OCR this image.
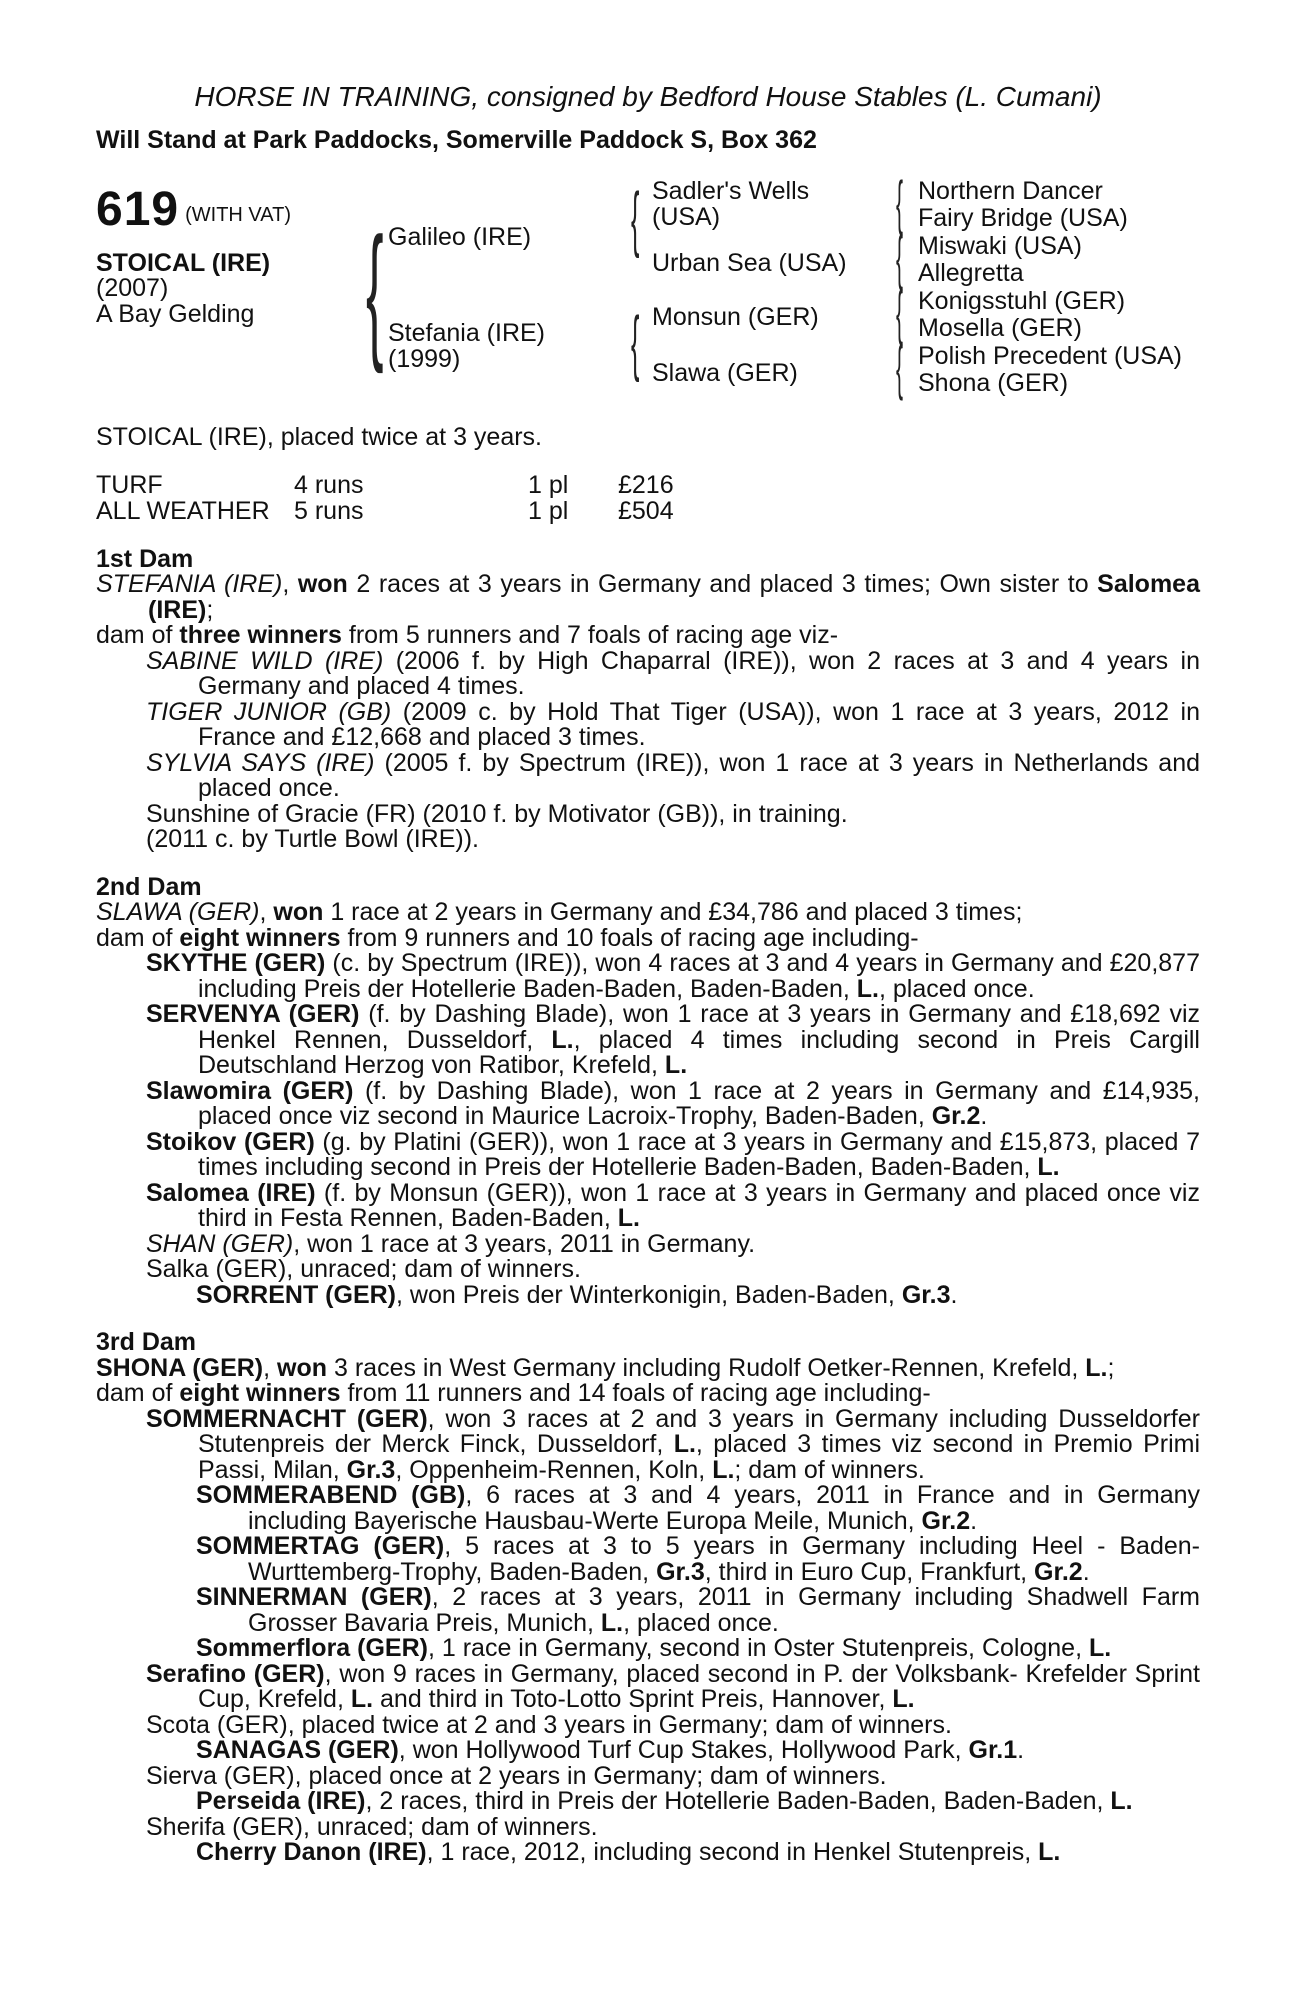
HORSE IN TRAINING, consigned by Bedford House Stables (L. Cumani)
Will Stand at Park Paddocks, Somerville Paddock S, Box 362
619 (WITH VAT)
STOICAL (IRE)
(2007)
A Bay Gelding { Galileo (IRE)
Stefania (IRE)
(1999)
{ Sadler's Wells
(USA)
Urban Sea (USA)
{ Monsun (GER)
Slawa (GER)
{ Northern Dancer
Fairy Bridge (USA)
{ Miswaki (USA)
Allegretta
{ Konigsstuhl (GER)
Mosella (GER)
{ Polish Precedent (USA)
Shona (GER)
STOICAL (IRE), placed twice at 3 years.
TURF	4 runs	1 pl £216
ALL WEATHER 5 runs	1 pl £504
1st Dam

STEFANIA (IRE), won 2 races at 3 years in Germany and placed 3 times; Own sister to Salomea (IRE);

dam of three winners from 5 runners and 7 foals of racing age viz-

SABINE WILD (IRE) (2006 f. by High Chaparral (IRE)), won 2 races at 3 and 4 years in Germany and placed 4 times.

TIGER JUNIOR (GB) (2009 c. by Hold That Tiger (USA)), won 1 race at 3 years, 2012 in France and £12,668 and placed 3 times.

SYLVIA SAYS (IRE) (2005 f. by Spectrum (IRE)), won 1 race at 3 years in Netherlands and placed once.

Sunshine of Gracie (FR) (2010 f. by Motivator (GB)), in training.

(2011 c. by Turtle Bowl (IRE)).

2nd Dam

SLAWA (GER), won 1 race at 2 years in Germany and £34,786 and placed 3 times;

dam of eight winners from 9 runners and 10 foals of racing age including-

SKYTHE (GER) (c. by Spectrum (IRE)), won 4 races at 3 and 4 years in Germany and £20,877 including Preis der Hotellerie Baden-Baden, Baden-Baden, L., placed once.

SERVENYA (GER) (f. by Dashing Blade), won 1 race at 3 years in Germany and £18,692 viz Henkel Rennen, Dusseldorf, L., placed 4 times including second in Preis Cargill Deutschland Herzog von Ratibor, Krefeld, L.

Slawomira (GER) (f. by Dashing Blade), won 1 race at 2 years in Germany and £14,935, placed once viz second in Maurice Lacroix-Trophy, Baden-Baden, Gr.2.

Stoikov (GER) (g. by Platini (GER)), won 1 race at 3 years in Germany and £15,873, placed 7 times including second in Preis der Hotellerie Baden-Baden, Baden-Baden, L.

Salomea (IRE) (f. by Monsun (GER)), won 1 race at 3 years in Germany and placed once viz third in Festa Rennen, Baden-Baden, L.

SHAN (GER), won 1 race at 3 years, 2011 in Germany.

Salka (GER), unraced; dam of winners.

SORRENT (GER), won Preis der Winterkonigin, Baden-Baden, Gr.3.

3rd Dam

SHONA (GER), won 3 races in West Germany including Rudolf Oetker-Rennen, Krefeld, L.;

dam of eight winners from 11 runners and 14 foals of racing age including-

SOMMERNACHT (GER), won 3 races at 2 and 3 years in Germany including Dusseldorfer Stutenpreis der Merck Finck, Dusseldorf, L., placed 3 times viz second in Premio Primi Passi, Milan, Gr.3, Oppenheim-Rennen, Koln, L.; dam of winners.

SOMMERABEND (GB), 6 races at 3 and 4 years, 2011 in France and in Germany including Bayerische Hausbau-Werte Europa Meile, Munich, Gr.2.

SOMMERTAG (GER), 5 races at 3 to 5 years in Germany including Heel - Baden-Wurttemberg-Trophy, Baden-Baden, Gr.3, third in Euro Cup, Frankfurt, Gr.2.

SINNERMAN (GER), 2 races at 3 years, 2011 in Germany including Shadwell Farm Grosser Bavaria Preis, Munich, L., placed once.

Sommerflora (GER), 1 race in Germany, second in Oster Stutenpreis, Cologne, L.

Serafino (GER), won 9 races in Germany, placed second in P. der Volksbank- Krefelder Sprint Cup, Krefeld, L. and third in Toto-Lotto Sprint Preis, Hannover, L.

Scota (GER), placed twice at 2 and 3 years in Germany; dam of winners.

SANAGAS (GER), won Hollywood Turf Cup Stakes, Hollywood Park, Gr.1.

Sierva (GER), placed once at 2 years in Germany; dam of winners.

Perseida (IRE), 2 races, third in Preis der Hotellerie Baden-Baden, Baden-Baden, L.

Sherifa (GER), unraced; dam of winners.

Cherry Danon (IRE), 1 race, 2012, including second in Henkel Stutenpreis, L.
